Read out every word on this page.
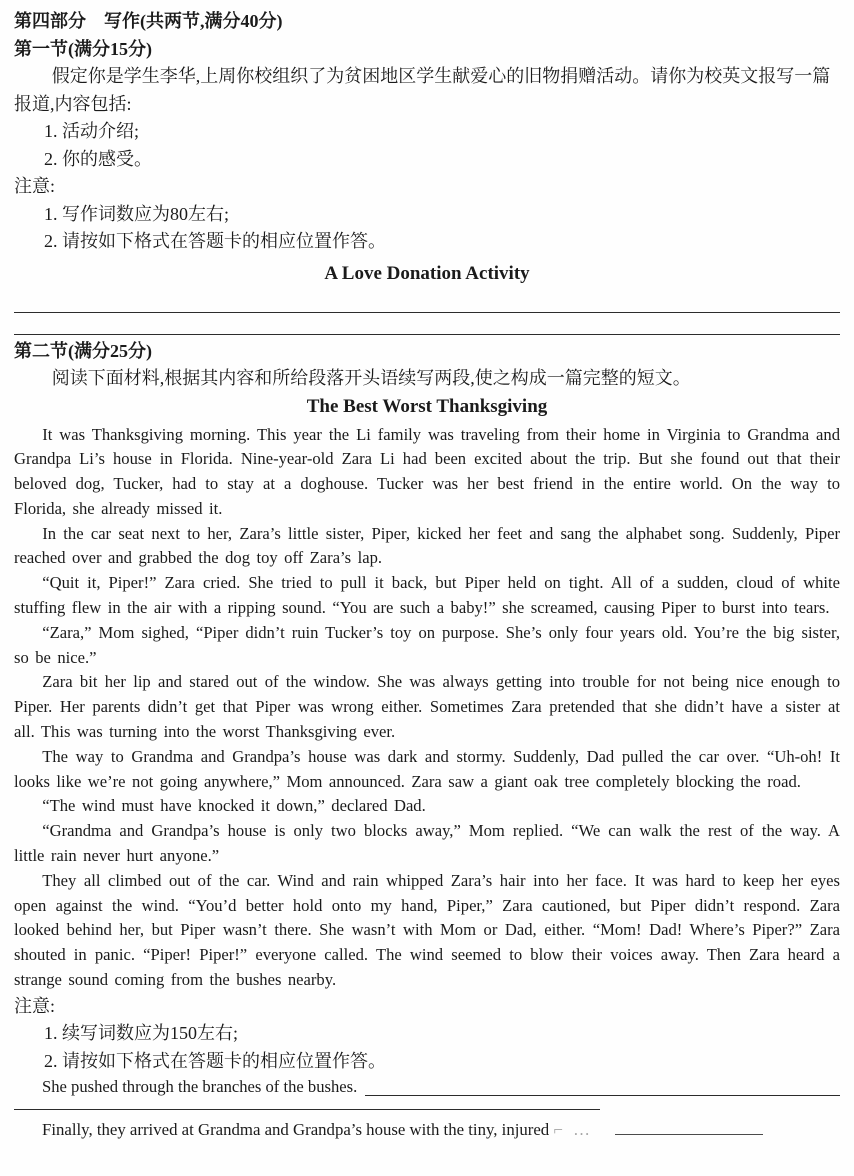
第四部分　写作(共两节,满分40分)
第一节(满分15分)
假定你是学生李华,上周你校组织了为贫困地区学生献爱心的旧物捐赠活动。请你为校英文报写一篇报道,内容包括:
1. 活动介绍;
2. 你的感受。
注意:
1. 写作词数应为80左右;
2. 请按如下格式在答题卡的相应位置作答。
A Love Donation Activity
第二节(满分25分)
阅读下面材料,根据其内容和所给段落开头语续写两段,使之构成一篇完整的短文。
The Best Worst Thanksgiving

It was Thanksgiving morning. This year the Li family was traveling from their home in Virginia to Grandma and Grandpa Li’s house in Florida. Nine-year-old Zara Li had been excited about the trip. But she found out that their beloved dog, Tucker, had to stay at a doghouse. Tucker was her best friend in the entire world. On the way to Florida, she already missed it.

In the car seat next to her, Zara’s little sister, Piper, kicked her feet and sang the alphabet song. Suddenly, Piper reached over and grabbed the dog toy off Zara’s lap.

“Quit it, Piper!” Zara cried. She tried to pull it back, but Piper held on tight. All of a sudden, cloud of white stuffing flew in the air with a ripping sound. “You are such a baby!” she screamed, causing Piper to burst into tears.

“Zara,” Mom sighed, “Piper didn’t ruin Tucker’s toy on purpose. She’s only four years old. You’re the big sister, so be nice.”

Zara bit her lip and stared out of the window. She was always getting into trouble for not being nice enough to Piper. Her parents didn’t get that Piper was wrong either. Sometimes Zara pretended that she didn’t have a sister at all. This was turning into the worst Thanksgiving ever.

The way to Grandma and Grandpa’s house was dark and stormy. Suddenly, Dad pulled the car over. “Uh-oh! It looks like we’re not going anywhere,” Mom announced. Zara saw a giant oak tree completely blocking the road.

“The wind must have knocked it down,” declared Dad.

“Grandma and Grandpa’s house is only two blocks away,” Mom replied. “We can walk the rest of the way. A little rain never hurt anyone.”

They all climbed out of the car. Wind and rain whipped Zara’s hair into her face. It was hard to keep her eyes open against the wind. “You’d better hold onto my hand, Piper,” Zara cautioned, but Piper didn’t respond. Zara looked behind her, but Piper wasn’t there. She wasn’t with Mom or Dad, either. “Mom! Dad! Where’s Piper?” Zara shouted in panic. “Piper! Piper!” everyone called. The wind seemed to blow their voices away. Then Zara heard a strange sound coming from the bushes nearby.

注意:
1. 续写词数应为150左右;
2. 请按如下格式在答题卡的相应位置作答。
She pushed through the branches of the bushes.
Finally, they arrived at Grandma and Grandpa’s house with the tiny, injured ⌐ …
